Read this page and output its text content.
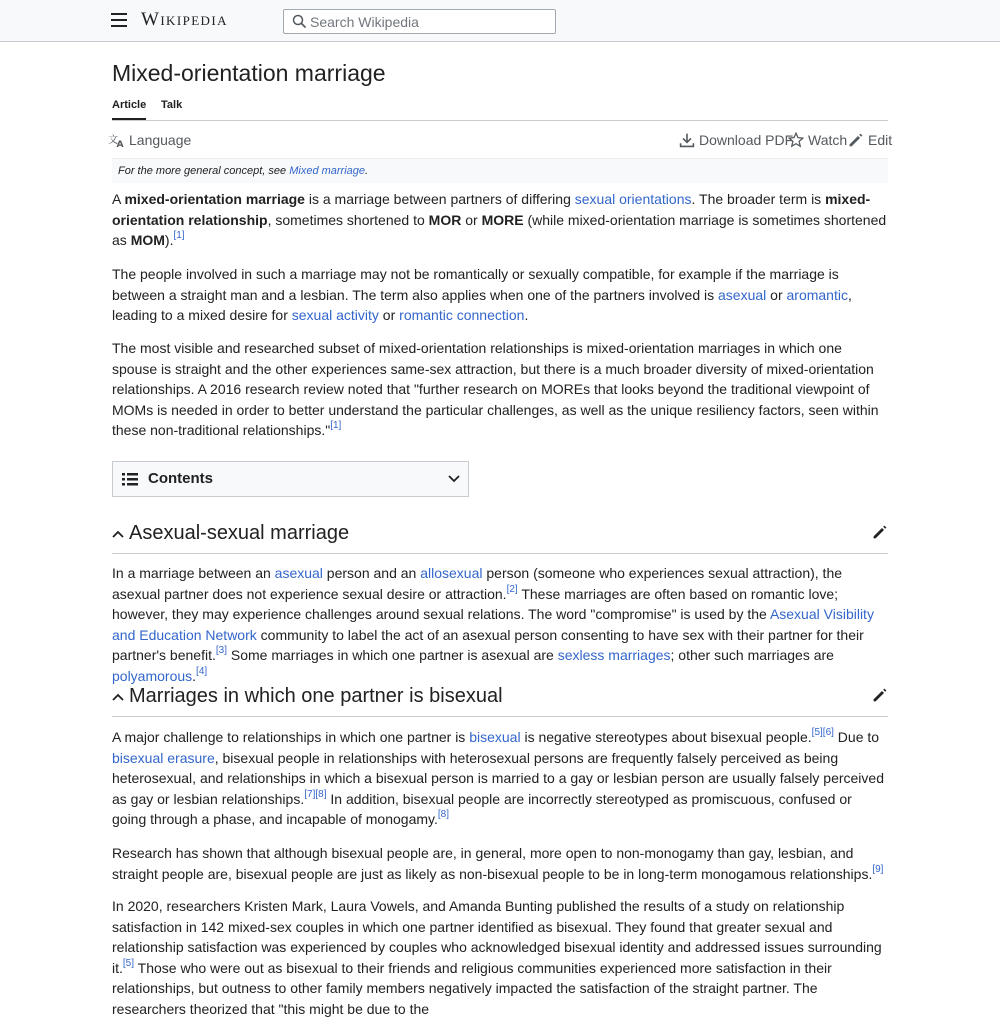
Wikipedia
Search Wikipedia
Mixed-orientation marriage
Article Talk
文
A Language	Download PDF Watch Edit
For the more general concept, see Mixed marriage.

A mixed-orientation marriage is a marriage between partners of differing sexual orientations. The broader term is mixed-orientation relationship, sometimes shortened to MOR or MORE (while mixed-orientation marriage is sometimes shortened as MOM).[1]

The people involved in such a marriage may not be romantically or sexually compatible, for example if the marriage is between a straight man and a lesbian. The term also applies when one of the partners involved is asexual or aromantic, leading to a mixed desire for sexual activity or romantic connection.

The most visible and researched subset of mixed-orientation relationships is mixed-orientation marriages in which one spouse is straight and the other experiences same-sex attraction, but there is a much broader diversity of mixed-orientation relationships. A 2016 research review noted that "further research on MOREs that looks beyond the traditional viewpoint of MOMs is needed in order to better understand the particular challenges, as well as the unique resiliency factors, seen within these non-traditional relationships."[1]

Contents
Asexual-sexual marriage

In a marriage between an asexual person and an allosexual person (someone who experiences sexual attraction), the asexual partner does not experience sexual desire or attraction.[2] These marriages are often based on romantic love; however, they may experience challenges around sexual relations. The word "compromise" is used by the Asexual Visibility and Education Network community to label the act of an asexual person consenting to have sex with their partner for their partner's benefit.[3] Some marriages in which one partner is asexual are sexless marriages; other such marriages are polyamorous.[4]

Marriages in which one partner is bisexual

A major challenge to relationships in which one partner is bisexual is negative stereotypes about bisexual people.[5][6] Due to bisexual erasure, bisexual people in relationships with heterosexual persons are frequently falsely perceived as being heterosexual, and relationships in which a bisexual person is married to a gay or lesbian person are usually falsely perceived as gay or lesbian relationships.[7][8] In addition, bisexual people are incorrectly stereotyped as promiscuous, confused or going through a phase, and incapable of monogamy.[8]

Research has shown that although bisexual people are, in general, more open to non-monogamy than gay, lesbian, and straight people are, bisexual people are just as likely as non-bisexual people to be in long-term monogamous relationships.[9]

In 2020, researchers Kristen Mark, Laura Vowels, and Amanda Bunting published the results of a study on relationship satisfaction in 142 mixed-sex couples in which one partner identified as bisexual. They found that greater sexual and relationship satisfaction was experienced by couples who acknowledged bisexual identity and addressed issues surrounding it.[5] Those who were out as bisexual to their friends and religious communities experienced more satisfaction in their relationships, but outness to other family members negatively impacted the satisfaction of the straight partner. The researchers theorized that "this might be due to the
